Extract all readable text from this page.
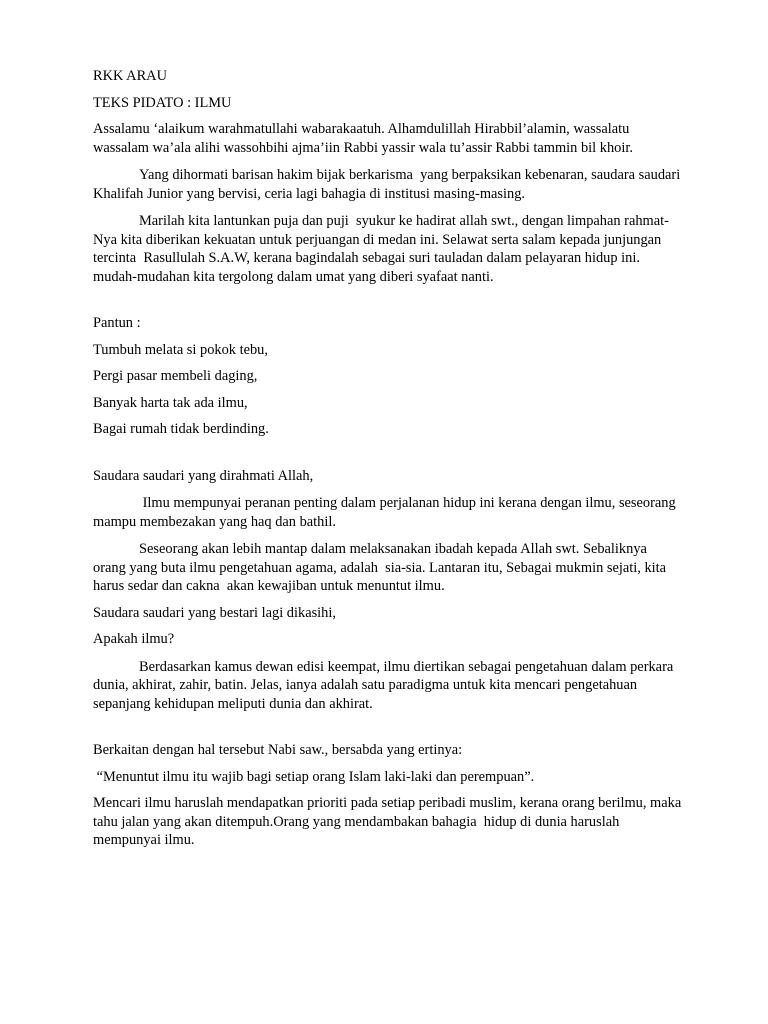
RKK ARAU

TEKS PIDATO : ILMU

Assalamu ‘alaikum warahmatullahi wabarakaatuh. Alhamdulillah Hirabbil’alamin, wassalatu wassalam wa’ala alihi wassohbihi ajma’iin Rabbi yassir wala tu’assir Rabbi tammin bil khoir.

Yang dihormati barisan hakim bijak berkarisma  yang berpaksikan kebenaran, saudara saudari Khalifah Junior yang bervisi, ceria lagi bahagia di institusi masing-masing.

Marilah kita lantunkan puja dan puji  syukur ke hadirat allah swt., dengan limpahan rahmat-Nya kita diberikan kekuatan untuk perjuangan di medan ini. Selawat serta salam kepada junjungan tercinta  Rasullulah S.A.W, kerana bagindalah sebagai suri tauladan dalam pelayaran hidup ini.  mudah-mudahan kita tergolong dalam umat yang diberi syafaat nanti.

Pantun :

Tumbuh melata si pokok tebu,

Pergi pasar membeli daging,

Banyak harta tak ada ilmu,

Bagai rumah tidak berdinding.

Saudara saudari yang dirahmati Allah,

Ilmu mempunyai peranan penting dalam perjalanan hidup ini kerana dengan ilmu, seseorang mampu membezakan yang haq dan bathil.

Seseorang akan lebih mantap dalam melaksanakan ibadah kepada Allah swt. Sebaliknya orang yang buta ilmu pengetahuan agama, adalah  sia-sia. Lantaran itu, Sebagai mukmin sejati, kita harus sedar dan cakna  akan kewajiban untuk menuntut ilmu.

Saudara saudari yang bestari lagi dikasihi,

Apakah ilmu?

Berdasarkan kamus dewan edisi keempat, ilmu diertikan sebagai pengetahuan dalam perkara dunia, akhirat, zahir, batin. Jelas, ianya adalah satu paradigma untuk kita mencari pengetahuan sepanjang kehidupan meliputi dunia dan akhirat.

Berkaitan dengan hal tersebut Nabi saw., bersabda yang ertinya:

“Menuntut ilmu itu wajib bagi setiap orang Islam laki-laki dan perempuan”.

Mencari ilmu haruslah mendapatkan prioriti pada setiap peribadi muslim, kerana orang berilmu, maka tahu jalan yang akan ditempuh.Orang yang mendambakan bahagia  hidup di dunia haruslah mempunyai ilmu.
